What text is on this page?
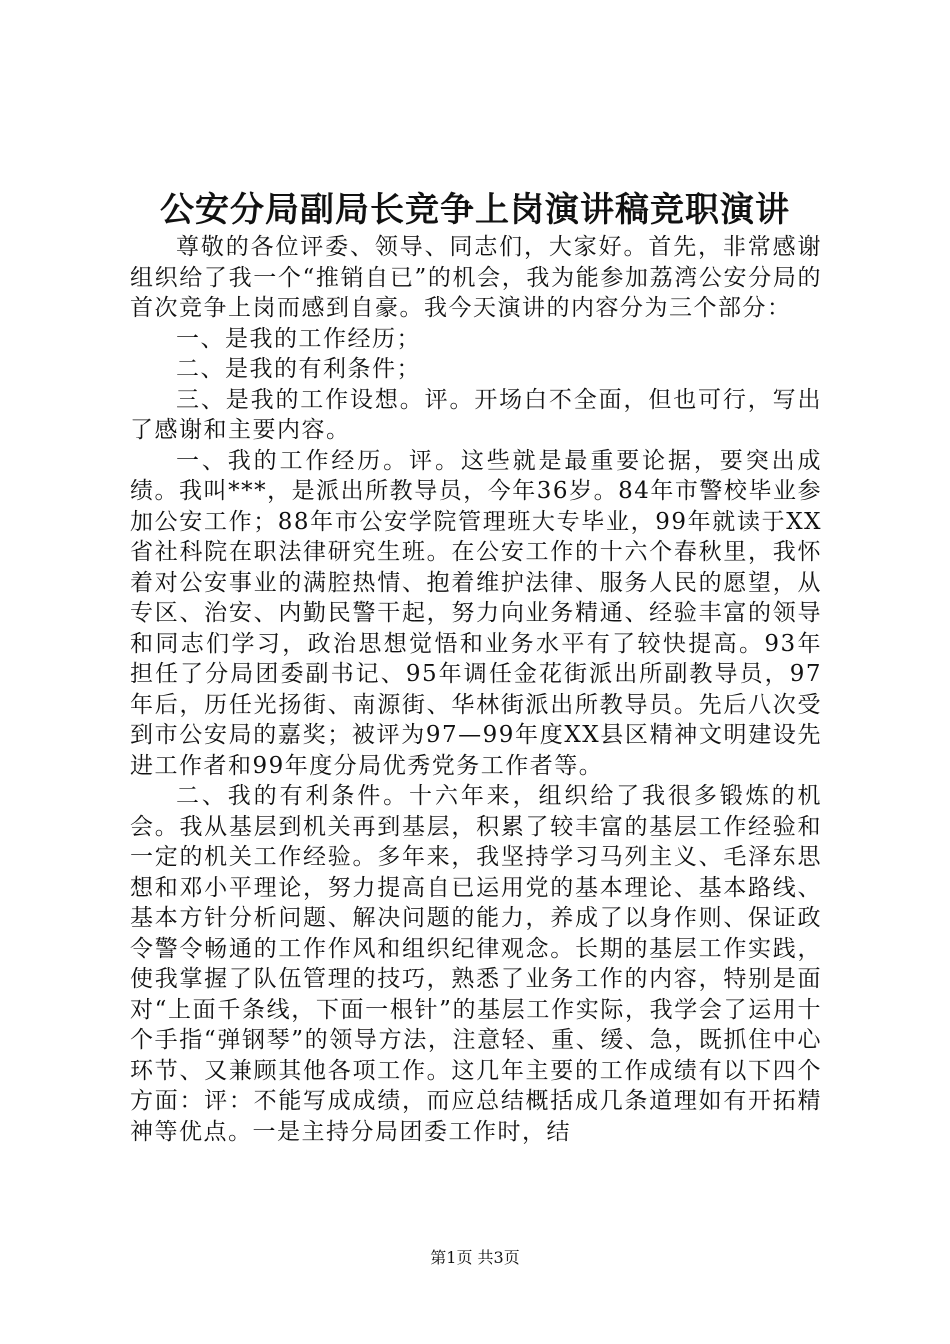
公安分局副局长竞争上岗演讲稿竞职演讲

尊敬的各位评委、领导、同志们，大家好。首先，非常感谢组织给了我一个“推销自已”的机会，我为能参加荔湾公安分局的首次竞争上岗而感到自豪。我今天演讲的内容分为三个部分：

一、是我的工作经历；

二、是我的有利条件；

三、是我的工作设想。评。开场白不全面，但也可行，写出了感谢和主要内容。

一、我的工作经历。评。这些就是最重要论据，要突出成绩。我叫***，是派出所教导员，今年36岁。84年市警校毕业参加公安工作；88年市公安学院管理班大专毕业，99年就读于XX省社科院在职法律研究生班。在公安工作的十六个春秋里，我怀着对公安事业的满腔热情、抱着维护法律、服务人民的愿望，从专区、治安、内勤民警干起，努力向业务精通、经验丰富的领导和同志们学习，政治思想觉悟和业务水平有了较快提高。93年担任了分局团委副书记、95年调任金花街派出所副教导员，97年后，历任光扬街、南源街、华林街派出所教导员。先后八次受到市公安局的嘉奖；被评为97—99年度XX县区精神文明建设先进工作者和99年度分局优秀党务工作者等。

二、我的有利条件。十六年来，组织给了我很多锻炼的机会。我从基层到机关再到基层，积累了较丰富的基层工作经验和一定的机关工作经验。多年来，我坚持学习马列主义、毛泽东思想和邓小平理论，努力提高自已运用党的基本理论、基本路线、基本方针分析问题、解决问题的能力，养成了以身作则、保证政令警令畅通的工作作风和组织纪律观念。长期的基层工作实践，使我掌握了队伍管理的技巧，熟悉了业务工作的内容，特别是面对“上面千条线，下面一根针”的基层工作实际，我学会了运用十个手指“弹钢琴”的领导方法，注意轻、重、缓、急，既抓住中心环节、又兼顾其他各项工作。这几年主要的工作成绩有以下四个方面：评：不能写成成绩，而应总结概括成几条道理如有开拓精神等优点。一是主持分局团委工作时，结

第1页 共3页
